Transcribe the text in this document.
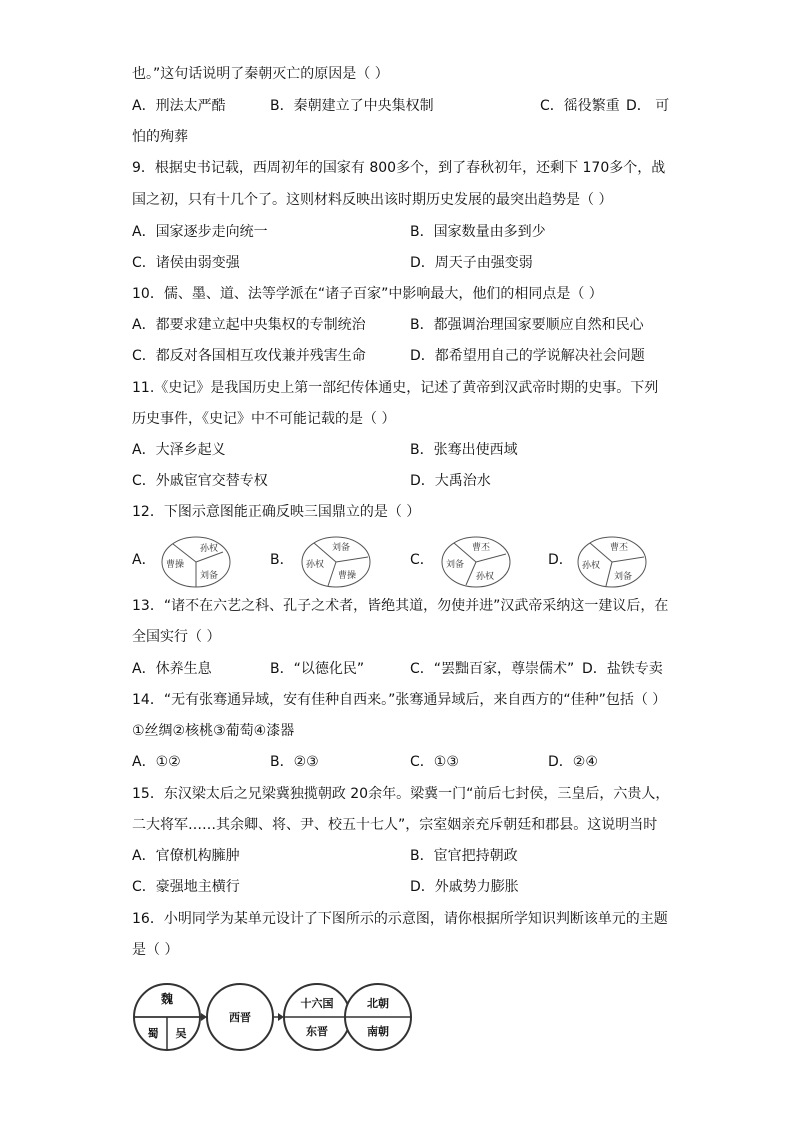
也。”这句话说明了秦朝灭亡的原因是（ ）
A．刑法太严酷	B．秦朝建立了中央集权制	C．徭役繁重 D． 可
怕的殉葬
9．根据史书记载，西周初年的国家有 800多个，到了春秋初年，还剩下 170多个，战
国之初，只有十几个了。这则材料反映出该时期历史发展的最突出趋势是（ ）
A．国家逐步走向统一	B．国家数量由多到少
C．诸侯由弱变强	D．周天子由强变弱
10．儒、墨、道、法等学派在“诸子百家”中影响最大，他们的相同点是（ ）
A．都要求建立起中央集权的专制统治	B．都强调治理国家要顺应自然和民心
C．都反对各国相互攻伐兼并残害生命	D．都希望用自己的学说解决社会问题
11.《史记》是我国历史上第一部纪传体通史，记述了黄帝到汉武帝时期的史事。下列
历史事件，《史记》中不可能记载的是（ ）
A．大泽乡起义	B．张骞出使西域
C．外戚宦官交替专权	D．大禹治水
12．下图示意图能正确反映三国鼎立的是（ ）
A．
孙权
曹操
刘备
B．
刘备
孙权
曹操
C．
曹丕
刘备
孙权
D．
曹丕
孙权
刘备
13．“诸不在六艺之科、孔子之术者，皆绝其道，勿使并进”汉武帝采纳这一建议后，在
全国实行（ ）
A．休养生息	B．“以德化民”	C．“罢黜百家，尊崇儒术” D．盐铁专卖
14．“无有张骞通异域，安有佳种自西来。”张骞通异域后，来自西方的“佳种”包括（ ）
①丝绸②核桃③葡萄④漆器
A．①②	B．②③	C．①③	D．②④
15．东汉梁太后之兄梁冀独揽朝政 20余年。梁冀一门“前后七封侯，三皇后，六贵人，
二大将军……其余卿、将、尹、校五十七人”，宗室姻亲充斥朝廷和郡县。这说明当时
A．官僚机构臃肿	B．宦官把持朝政
C．豪强地主横行	D．外戚势力膨胀
16．小明同学为某单元设计了下图所示的示意图，请你根据所学知识判断该单元的主题
是（ ）
魏
蜀 吴
西晋
十六国
东晋
北朝
南朝
